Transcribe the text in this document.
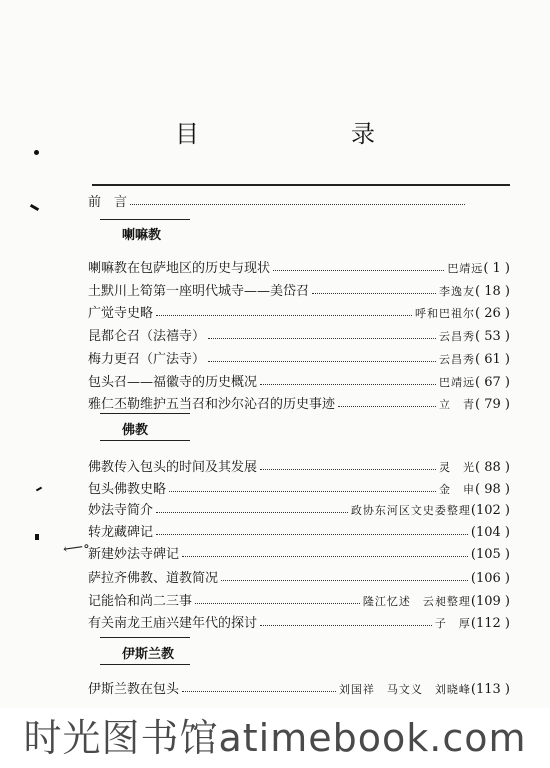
目　录
前　言
喇嘛教
喇嘛教在包萨地区的历史与现状	巴靖远 ( 1 )
土默川上筍第一座明代城寺——美岱召	李逸友 ( 18 )
广觉寺史略	呼和巴祖尔 ( 26 )
昆都仑召（法禧寺）	云昌秀 ( 53 )
梅力更召（广法寺）	云昌秀 ( 61 )
包头召——福徽寺的历史概况	巴靖远 ( 67 )
雅仁丕勒维护五当召和沙尔沁召的历史事迹	立　青 ( 79 )
佛教
佛教传入包头的时间及其发展	灵　光 ( 88 )
包头佛教史略	金　申 ( 98 )
妙法寺简介	政协东河区文史委整理 (102 )
转龙藏碑记	(104 )
新建妙法寺碑记	(105 )
萨拉齐佛教、道教简况	(106 )
记能恰和尚二三事	隆江忆述　云昶整理 (109 )
有关南龙王庙兴建年代的探讨	子　厚 (112 )
伊斯兰教
伊斯兰教在包头	刘国祥　马文义　刘晓峰 (113 )
⟵∘
时光图书馆atimebook.com
